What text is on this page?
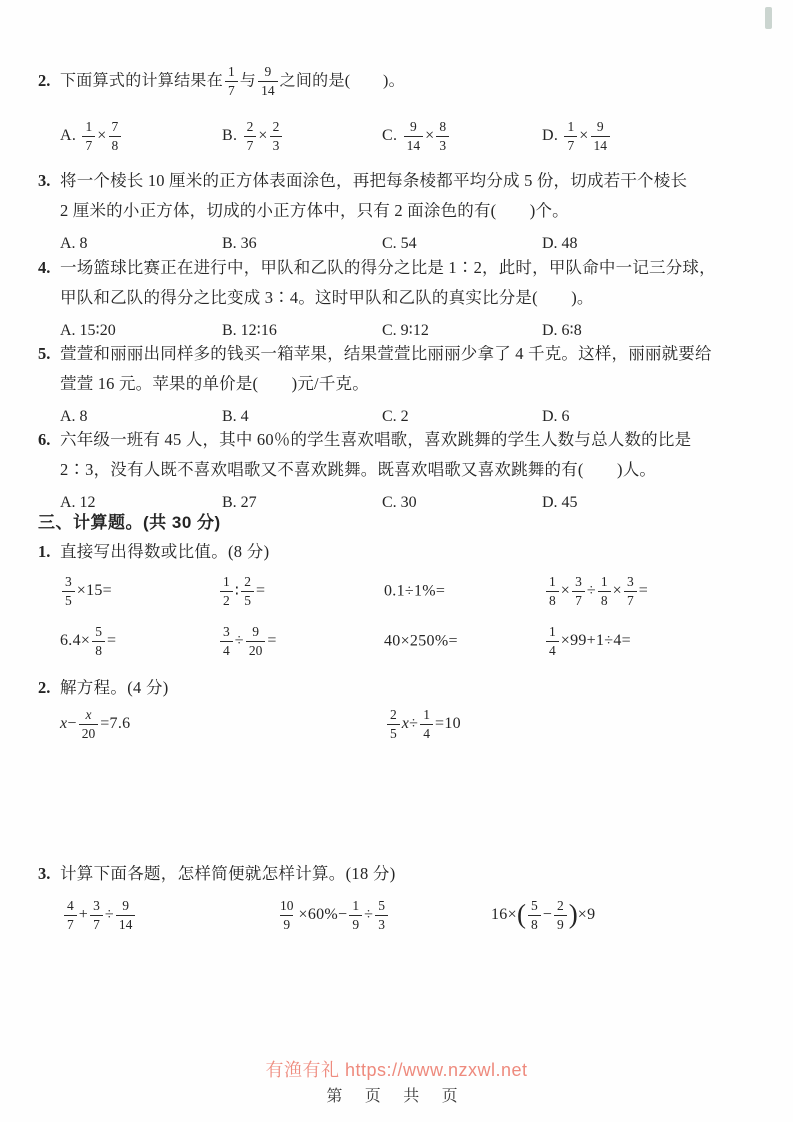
2. 下面算式的计算结果在 $\frac{1}{7}$ 与 $\frac{9}{14}$ 之间的是(　　)。
A. $\frac{1}{7} \times \frac{7}{8}$	B. $\frac{2}{7} \times \frac{2}{3}$	C. $\frac{9}{14} \times \frac{8}{3}$	D. $\frac{1}{7} \times \frac{9}{14}$
3. 将一个棱长 10 厘米的正方体表面涂色，再把每条棱都平均分成 5 份，切成若干个棱长
2 厘米的小正方体，切成的小正方体中，只有 2 面涂色的有(　　)个。
A. 8	B. 36	C. 54	D. 48
4. 一场篮球比赛正在进行中，甲队和乙队的得分之比是 1∶2，此时，甲队命中一记三分球，
甲队和乙队的得分之比变成 3∶4。这时甲队和乙队的真实比分是(　　)。
A. 15∶20	B. 12∶16	C. 9∶12	D. 6∶8
5. 萱萱和丽丽出同样多的钱买一箱苹果，结果萱萱比丽丽少拿了 4 千克。这样，丽丽就要给
萱萱 16 元。苹果的单价是(　　)元/千克。
A. 8	B. 4	C. 2	D. 6
6. 六年级一班有 45 人，其中 60％的学生喜欢唱歌，喜欢跳舞的学生人数与总人数的比是
2∶3，没有人既不喜欢唱歌又不喜欢跳舞。既喜欢唱歌又喜欢跳舞的有(　　)人。
A. 12	B. 27	C. 30	D. 45
三、计算题。(共 30 分)
1. 直接写出得数或比值。(8 分)
$\frac{3}{5} \times 15=$	$\frac{1}{2}$ ∶ $\frac{2}{5}$ =	0.1÷1%=	$\frac{1}{8} \times \frac{3}{7} \div \frac{1}{8} \times \frac{3}{7}$ =
$6.4\times \frac{5}{8}$ =	$\frac{3}{4} \div \frac{9}{20}$ =	40×250%=	$\frac{1}{4} \times 99+1\div 4=$
2. 解方程。(4 分)
$x- \frac{x}{20} =7.6$	$\frac{2}{5} x\div \frac{1}{4} =10$
3. 计算下面各题，怎样简便就怎样计算。(18 分)
$\frac{4}{7} + \frac{3}{7} \div \frac{9}{14}$	$\frac{10}{9} \times 60\%- \frac{1}{9} \div \frac{5}{3}$	$16\times( \frac{5}{8} - \frac{2}{9} )\times 9$
有渔有礼 https://www.nzxwl.net
第 页 共 页
